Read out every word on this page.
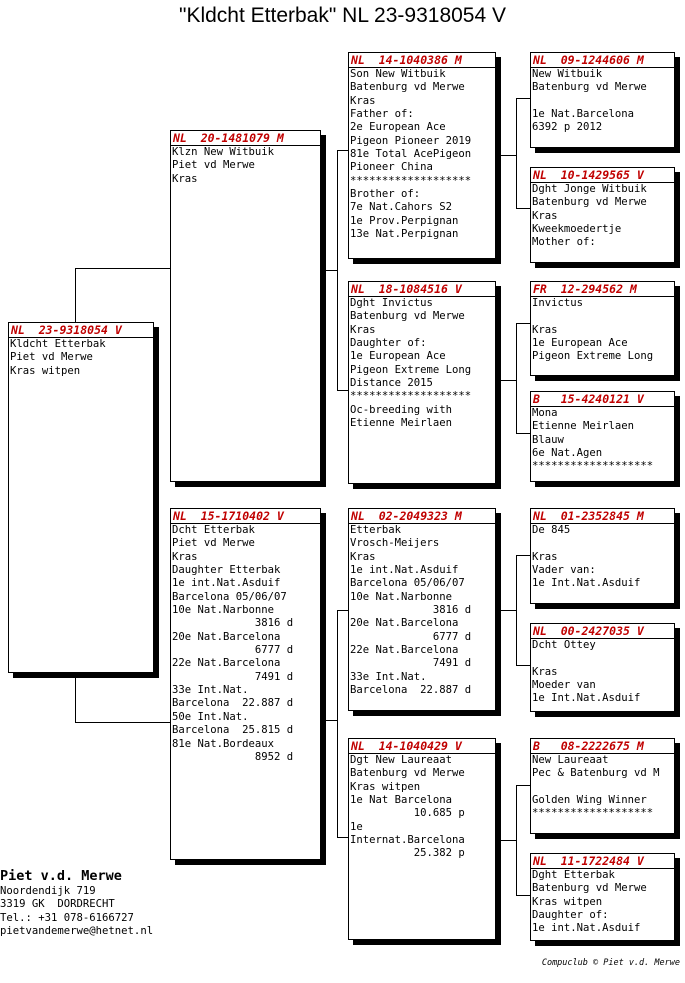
"Kldcht Etterbak" NL 23-9318054 V
NL  23-9318054 V
Kldcht Etterbak
Piet vd Merwe
Kras witpen
NL  20-1481079 M
Klzn New Witbuik
Piet vd Merwe
Kras
NL  15-1710402 V
Dcht Etterbak
Piet vd Merwe
Kras
Daughter Etterbak
1e int.Nat.Asduif
Barcelona 05/06/07
10e Nat.Narbonne
3816 d
20e Nat.Barcelona
6777 d
22e Nat.Barcelona
7491 d
33e Int.Nat.
Barcelona  22.887 d
50e Int.Nat.
Barcelona  25.815 d
81e Nat.Bordeaux
8952 d
NL  14-1040386 M
Son New Witbuik
Batenburg vd Merwe
Kras
Father of:
2e European Ace
Pigeon Pioneer 2019
81e Total AcePigeon
Pioneer China
*******************
Brother of:
7e Nat.Cahors S2
1e Prov.Perpignan
13e Nat.Perpignan
NL  18-1084516 V
Dght Invictus
Batenburg vd Merwe
Kras
Daughter of:
1e European Ace
Pigeon Extreme Long
Distance 2015
*******************
Oc-breeding with
Etienne Meirlaen
NL  02-2049323 M
Etterbak
Vrosch-Meijers
Kras
1e int.Nat.Asduif
Barcelona 05/06/07
10e Nat.Narbonne
3816 d
20e Nat.Barcelona
6777 d
22e Nat.Barcelona
7491 d
33e Int.Nat.
Barcelona  22.887 d
NL  14-1040429 V
Dgt New Laureaat
Batenburg vd Merwe
Kras witpen
1e Nat Barcelona
10.685 p
1e
Internat.Barcelona
25.382 p
NL  09-1244606 M
New Witbuik
Batenburg vd Merwe
1e Nat.Barcelona
6392 p 2012
NL  10-1429565 V
Dght Jonge Witbuik
Batenburg vd Merwe
Kras
Kweekmoedertje
Mother of:
FR  12-294562 M
Invictus
Kras
1e European Ace
Pigeon Extreme Long
B   15-4240121 V
Mona
Etienne Meirlaen
Blauw
6e Nat.Agen
*******************
NL  01-2352845 M
De 845
Kras
Vader van:
1e Int.Nat.Asduif
NL  00-2427035 V
Dcht Ottey
Kras
Moeder van
1e Int.Nat.Asduif
B   08-2222675 M
New Laureaat
Pec & Batenburg vd M
Golden Wing Winner
*******************
NL  11-1722484 V
Dght Etterbak
Batenburg vd Merwe
Kras witpen
Daughter of:
1e int.Nat.Asduif
Piet v.d. Merwe
Noordendijk 719
3319 GK  DORDRECHT
Tel.: +31 078-6166727
pietvandemerwe@hetnet.nl
Compuclub © Piet v.d. Merwe
